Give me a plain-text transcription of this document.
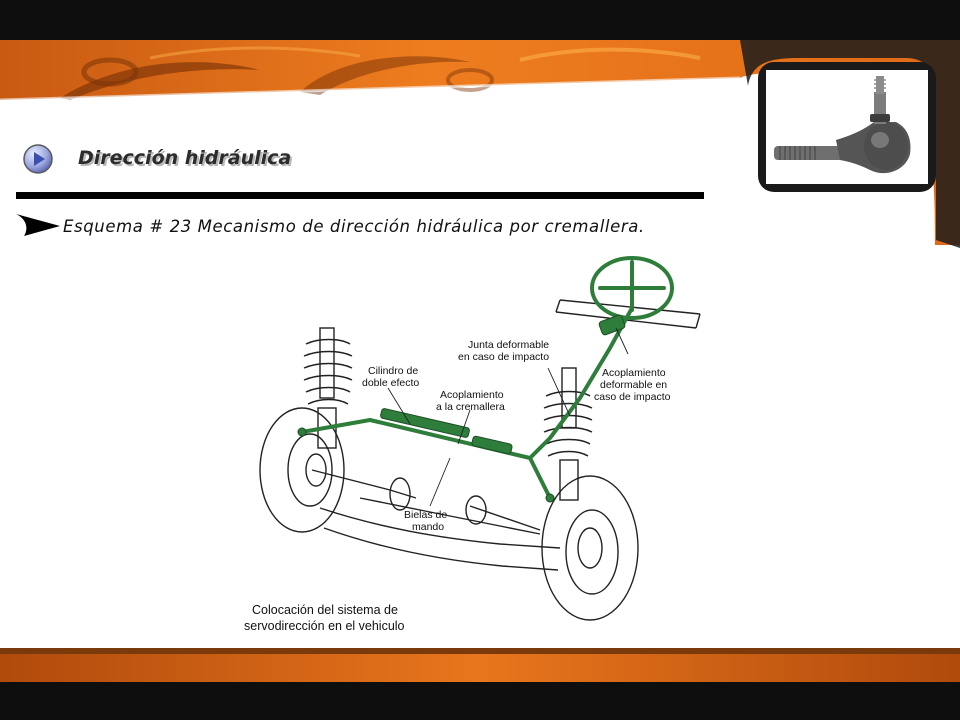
Dirección hidráulica
Esquema # 23 Mecanismo de dirección hidráulica por cremallera.
Cilindro de
doble efecto
Junta deformable
en caso de impacto
Acoplamiento
a la cremallera
Acoplamiento
deformable en
caso de impacto
Bielas de
mando
Colocación del sistema de
servodirección en el vehiculo
